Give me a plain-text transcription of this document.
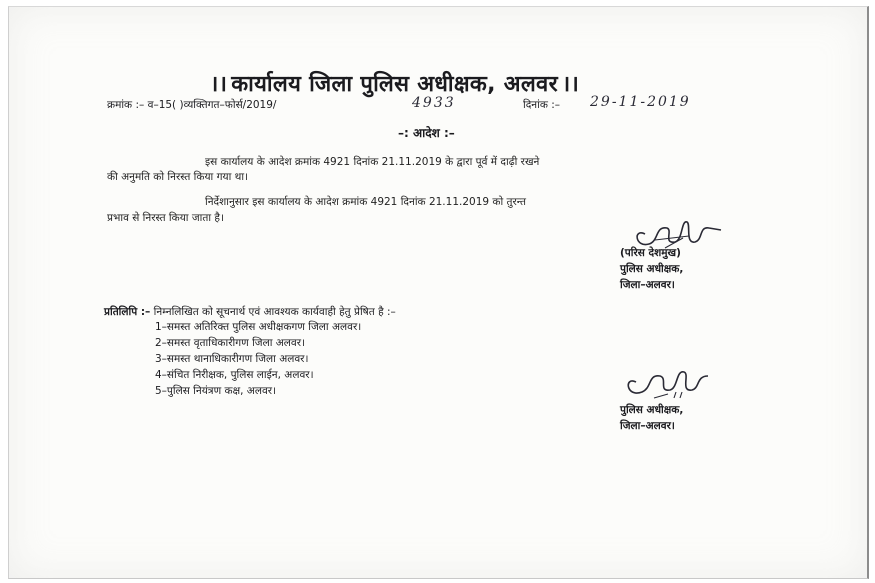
।। कार्यालय जिला पुलिस अधीक्षक, अलवर ।।
क्रमांक :– व–15( )व्यक्तिगत–फोर्स/2019/	4933	दिनांक :– 29-11-2019
–: आदेश :–
इस कार्यालय के आदेश क्रमांक 4921 दिनांक 21.11.2019 के द्वारा पूर्व में दाढ़ी रखने
की अनुमति को निरस्त किया गया था।
निर्देशानुसार इस कार्यालय के आदेश क्रमांक 4921 दिनांक 21.11.2019 को तुरन्त
प्रभाव से निरस्त किया जाता है।
(परिस देशमुख)
पुलिस अधीक्षक,
जिला–अलवर।
प्रतिलिपि :– निम्नलिखित को सूचनार्थ एवं आवश्यक कार्यवाही हेतु प्रेषित है :–
1–समस्त अतिरिक्त पुलिस अधीक्षकगण जिला अलवर।
2–समस्त वृताधिकारीगण जिला अलवर।
3–समस्त थानाधिकारीगण जिला अलवर।
4–संचित निरीक्षक, पुलिस लाईन, अलवर।
5–पुलिस नियंत्रण कक्ष, अलवर।
पुलिस अधीक्षक,
जिला–अलवर।
